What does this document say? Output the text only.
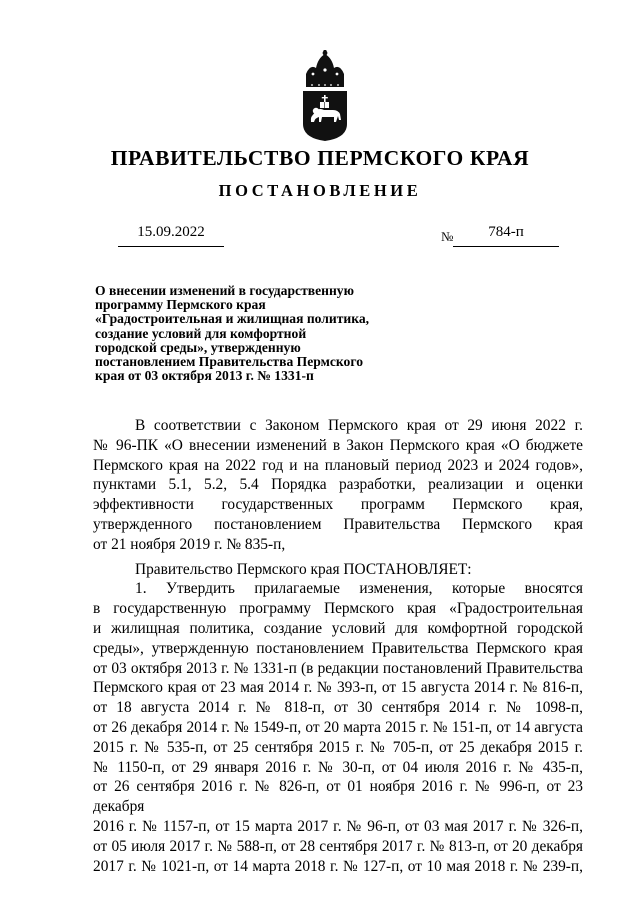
ПРАВИТЕЛЬСТВО ПЕРМСКОГО КРАЯ
ПОСТАНОВЛЕНИЕ
15.09.2022	№	784-п
О внесении изменений в государственную
программу Пермского края
«Градостроительная и жилищная политика,
создание условий для комфортной
городской среды», утвержденную
постановлением Правительства Пермского
края от 03 октября 2013 г. № 1331-п
В соответствии с Законом Пермского края от 29 июня 2022 г.
№ 96-ПК «О внесении изменений в Закон Пермского края «О бюджете
Пермского края на 2022 год и на плановый период 2023 и 2024 годов»,
пунктами 5.1, 5.2, 5.4 Порядка разработки, реализации и оценки
эффективности государственных программ Пермского края,
утвержденного постановлением Правительства Пермского края
от 21 ноября 2019 г. № 835-п,
Правительство Пермского края ПОСТАНОВЛЯЕТ:
1. Утвердить прилагаемые изменения, которые вносятся
в государственную программу Пермского края «Градостроительная
и жилищная политика, создание условий для комфортной городской
среды», утвержденную постановлением Правительства Пермского края
от 03 октября 2013 г. № 1331-п (в редакции постановлений Правительства
Пермского края от 23 мая 2014 г. № 393-п, от 15 августа 2014 г. № 816-п,
от 18 августа 2014 г. № 818-п, от 30 сентября 2014 г. № 1098-п,
от 26 декабря 2014 г. № 1549-п, от 20 марта 2015 г. № 151-п, от 14 августа
2015 г. № 535-п, от 25 сентября 2015 г. № 705-п, от 25 декабря 2015 г.
№ 1150-п, от 29 января 2016 г. № 30-п, от 04 июля 2016 г. № 435-п,
от 26 сентября 2016 г. № 826-п, от 01 ноября 2016 г. № 996-п, от 23 декабря
2016 г. № 1157-п, от 15 марта 2017 г. № 96-п, от 03 мая 2017 г. № 326-п,
от 05 июля 2017 г. № 588-п, от 28 сентября 2017 г. № 813-п, от 20 декабря
2017 г. № 1021-п, от 14 марта 2018 г. № 127-п, от 10 мая 2018 г. № 239-п,
